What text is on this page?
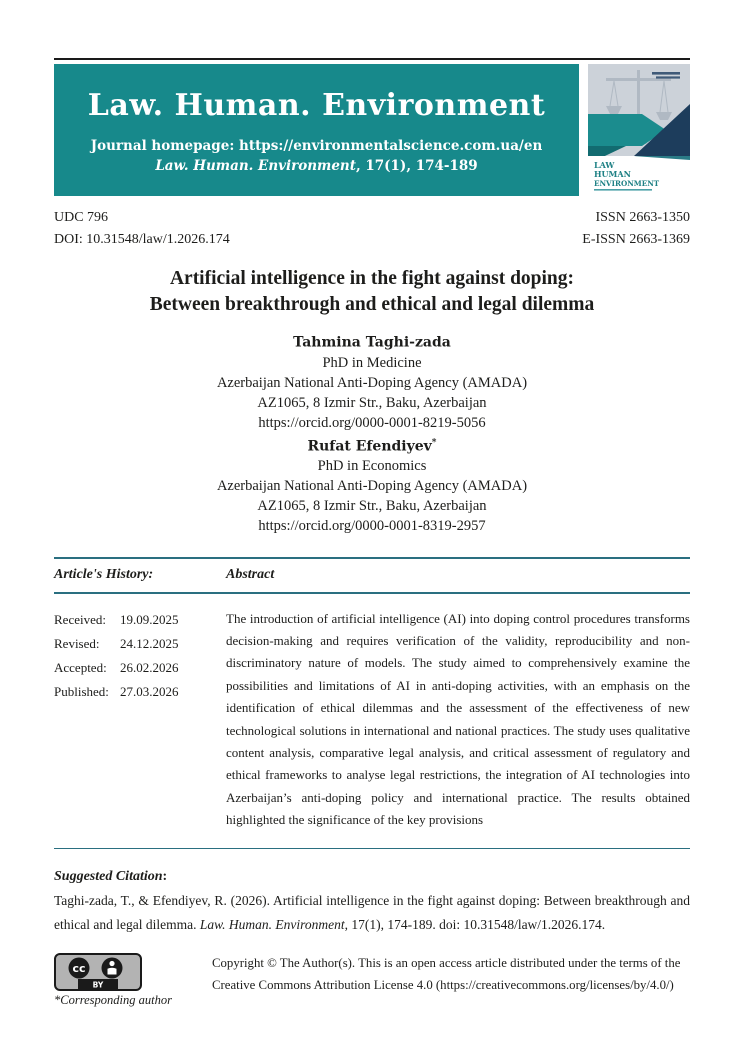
Law. Human. Environment
Journal homepage: https://environmentalscience.com.ua/en
Law. Human. Environment, 17(1), 174-189	LAW
HUMAN
ENVIRONMENT
UDC 796
DOI: 10.31548/law/1.2026.174
ISSN 2663-1350
E-ISSN 2663-1369
Artificial intelligence in the fight against doping:
Between breakthrough and ethical and legal dilemma
Tahmina Taghi-zada
PhD in Medicine
Azerbaijan National Anti-Doping Agency (AMADA)
AZ1065, 8 Izmir Str., Baku, Azerbaijan
https://orcid.org/0000-0001-8219-5056
Rufat Efendiyev*
PhD in Economics
Azerbaijan National Anti-Doping Agency (AMADA)
AZ1065, 8 Izmir Str., Baku, Azerbaijan
https://orcid.org/0000-0001-8319-2957
Article's History:	Abstract
Received:	19.09.2025
Revised:	24.12.2025
Accepted:	26.02.2026
Published: 27.03.2026
The introduction of artificial intelligence (AI) into doping control procedures transforms decision-making and requires verification of the validity, reproducibility and non-discriminatory nature of models. The study aimed to comprehensively examine the possibilities and limitations of AI in anti-doping activities, with an emphasis on the identification of ethical dilemmas and the assessment of the effectiveness of new technological solutions in international and national practices. The study uses qualitative content analysis, comparative legal analysis, and critical assessment of regulatory and ethical frameworks to analyse legal restrictions, the integration of AI technologies into Azerbaijan’s anti-doping policy and international practice. The results obtained highlighted the significance of the key provisions
Suggested Citation:
Taghi-zada, T., & Efendiyev, R. (2026). Artificial intelligence in the fight against doping: Between breakthrough and ethical and legal dilemma. Law. Human. Environment, 17(1), 174-189. doi: 10.31548/law/1.2026.174.
cc
BY
*Corresponding author
Copyright © The Author(s). This is an open access article distributed under the terms of the Creative Commons Attribution License 4.0 (https://creativecommons.org/licenses/by/4.0/)
